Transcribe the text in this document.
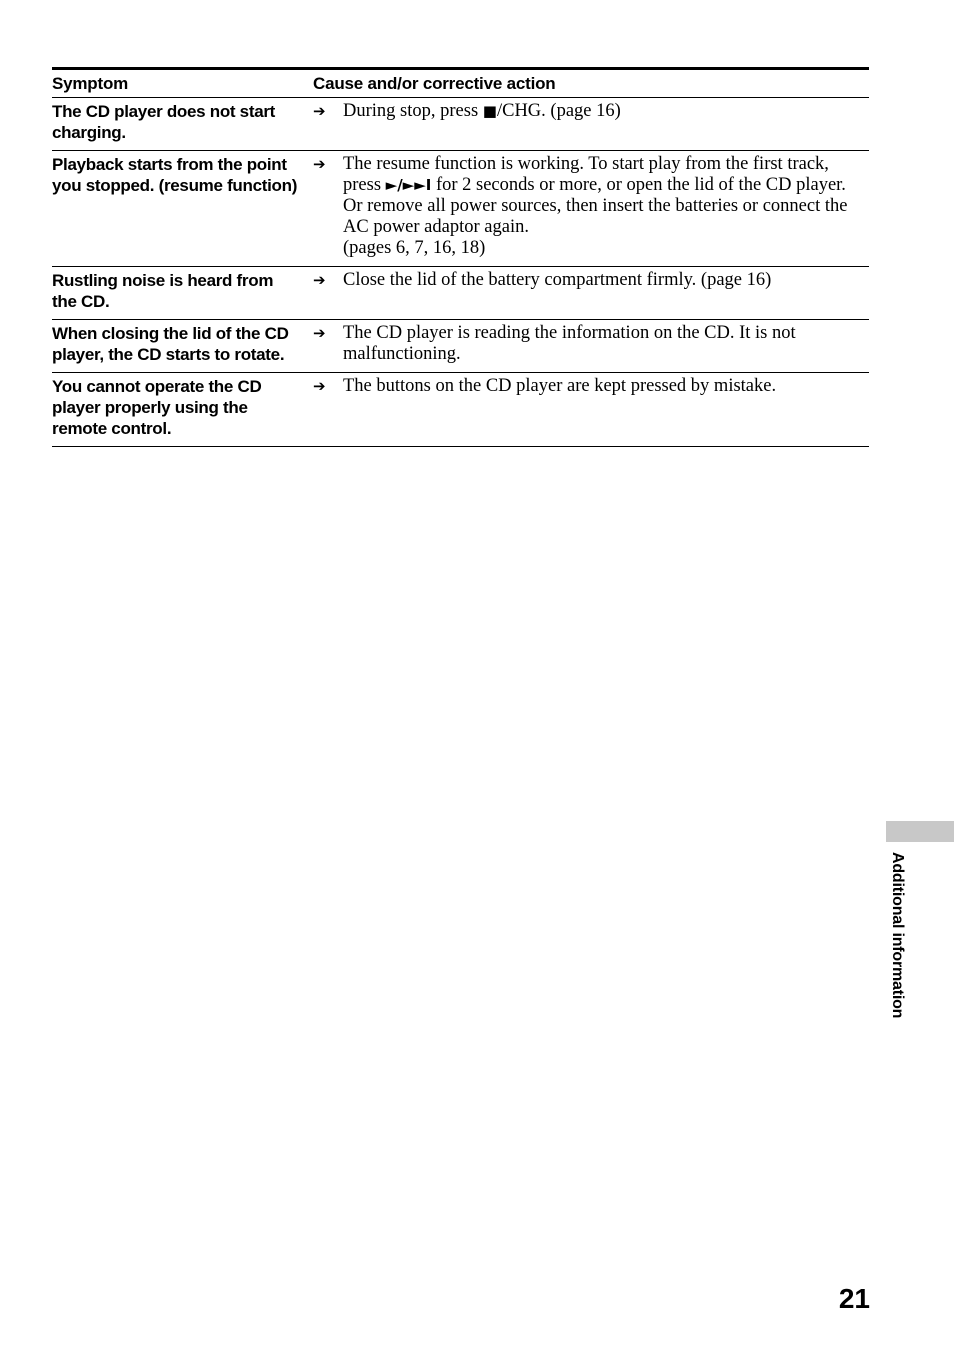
Symptom	Cause and/or corrective action
The CD player does not start charging.	➔ During stop, press ■/CHG. (page 16)

Playback starts from the point you stopped. (resume function)	➔ The resume function is working. To start play from the first track, press ►/►►I for 2 seconds or more, or open the lid of the CD player. Or remove all power sources, then insert the batteries or connect the AC power adaptor again.
(pages 6, 7, 16, 18)

Rustling noise is heard from the CD.	➔ Close the lid of the battery compartment firmly. (page 16)

When closing the lid of the CD player, the CD starts to rotate.	➔ The CD player is reading the information on the CD. It is not malfunctioning.

You cannot operate the CD player properly using the remote control.	➔ The buttons on the CD player are kept pressed by mistake.
Additional information
21
